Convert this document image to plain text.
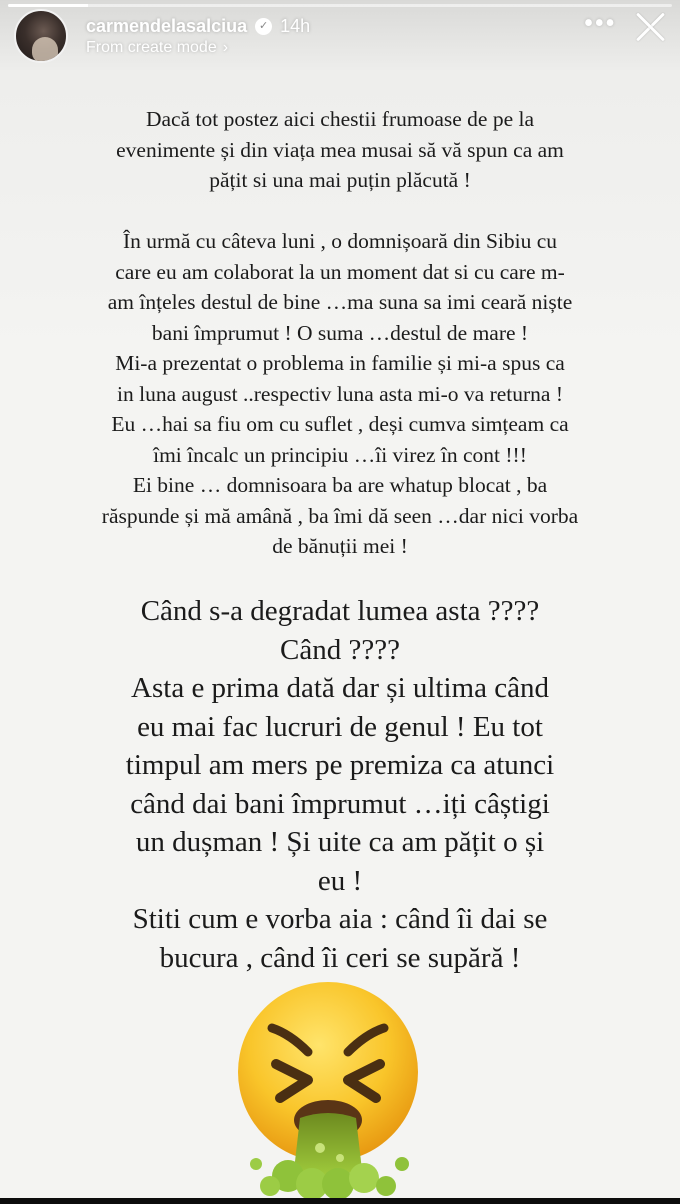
carmendelasalciua	✓ 14h
From create mode ›
•••
Dacă tot postez aici chestii frumoase de pe la
evenimente și din viața mea musai să vă spun ca am
pățit si una mai puțin plăcută !

În urmă cu câteva luni , o domnișoară din Sibiu cu
care eu am colaborat la un moment dat si cu care m-
am înțeles destul de bine …ma suna sa imi ceară niște
bani împrumut ! O suma …destul de mare !
Mi-a prezentat o problema in familie și mi-a spus ca
in luna august ..respectiv luna asta mi-o va returna !
Eu …hai sa fiu om cu suflet , deși cumva simțeam ca
îmi încalc un principiu …îi virez în cont !!!
Ei bine … domnisoara ba are whatup blocat , ba
răspunde și mă amână , ba îmi dă seen …dar nici vorba
de bănuții mei !
Când s-a degradat lumea asta ????
Când ????
Asta e prima dată dar și ultima când
eu mai fac lucruri de genul ! Eu tot
timpul am mers pe premiza ca atunci
când dai bani împrumut …iți câștigi
un dușman ! Și uite ca am pățit o și
eu !
Stiti cum e vorba aia : când îi dai se
bucura , când îi ceri se supără !
